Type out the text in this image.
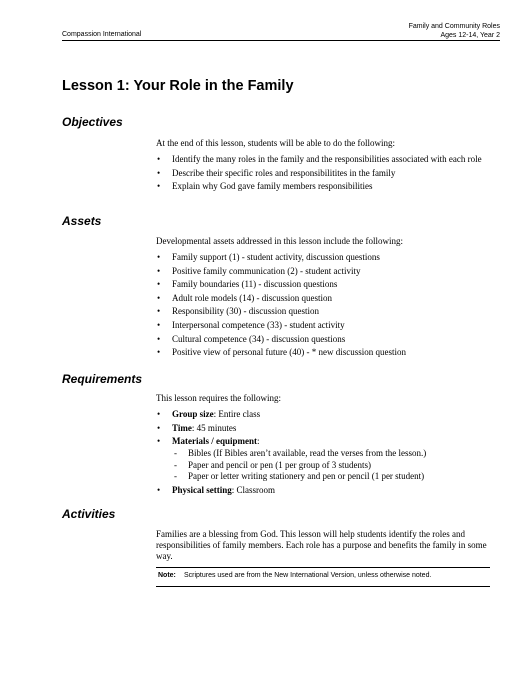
Compassion International
Family and Community Roles
Ages 12-14, Year 2
Lesson 1: Your Role in the Family
Objectives

At the end of this lesson, students will be able to do the following:

• Identify the many roles in the family and the responsibilities associated with each role
• Describe their specific roles and responsibilitites in the family
• Explain why God gave family members responsibilities
Assets

Developmental assets addressed in this lesson include the following:

• Family support (1) - student activity, discussion questions
• Positive family communication (2) - student activity
• Family boundaries (11) - discussion questions
• Adult role models (14) - discussion question
• Responsibility (30) - discussion question
• Interpersonal competence (33) - student activity
• Cultural competence (34) - discussion questions
• Positive view of personal future (40) - * new discussion question
Requirements

This lesson requires the following:

• Group size: Entire class
• Time: 45 minutes
• Materials / equipment:
- Bibles (If Bibles aren’t available, read the verses from the lesson.)
- Paper and pencil or pen (1 per group of 3 students)
- Paper or letter writing stationery and pen or pencil (1 per student)
• Physical setting: Classroom
Activities

Families are a blessing from God. This lesson will help students identify the roles and responsibilities of family members. Each role has a purpose and benefits the family in some way.

Note: Scriptures used are from the New International Version, unless otherwise noted.
